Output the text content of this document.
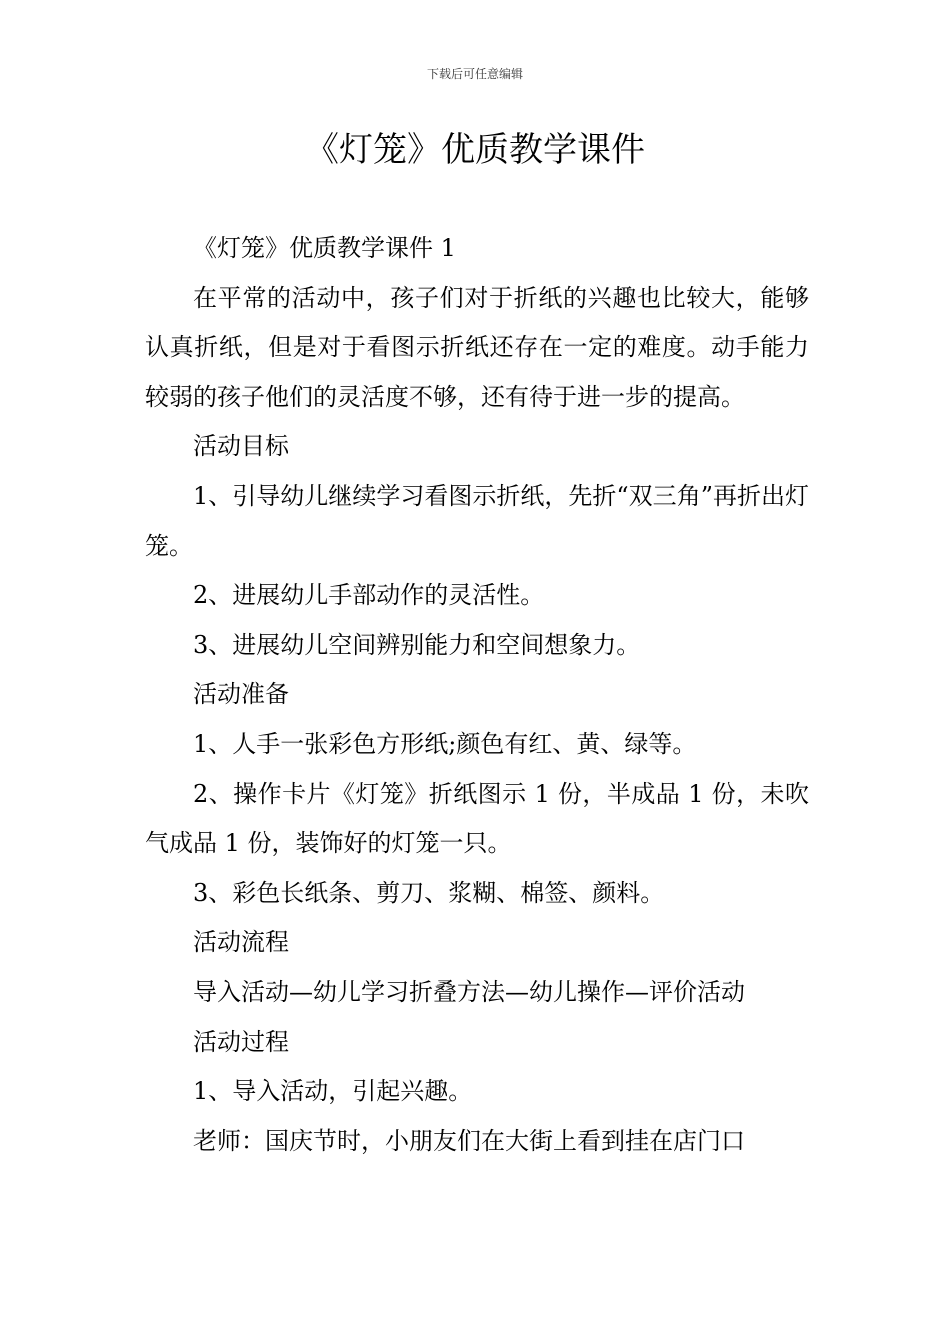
下载后可任意编辑
《灯笼》优质教学课件

《灯笼》优质教学课件 1

在平常的活动中，孩子们对于折纸的兴趣也比较大，能够认真折纸，但是对于看图示折纸还存在一定的难度。动手能力较弱的孩子他们的灵活度不够，还有待于进一步的提高。

活动目标

1、引导幼儿继续学习看图示折纸，先折“双三角”再折出灯笼。

2、进展幼儿手部动作的灵活性。

3、进展幼儿空间辨别能力和空间想象力。

活动准备

1、人手一张彩色方形纸;颜色有红、黄、绿等。

2、操作卡片《灯笼》折纸图示 1 份，半成品 1 份，未吹气成品 1 份，装饰好的灯笼一只。

3、彩色长纸条、剪刀、浆糊、棉签、颜料。

活动流程

导入活动—幼儿学习折叠方法—幼儿操作—评价活动

活动过程

1、导入活动，引起兴趣。

老师：国庆节时，小朋友们在大街上看到挂在店门口
